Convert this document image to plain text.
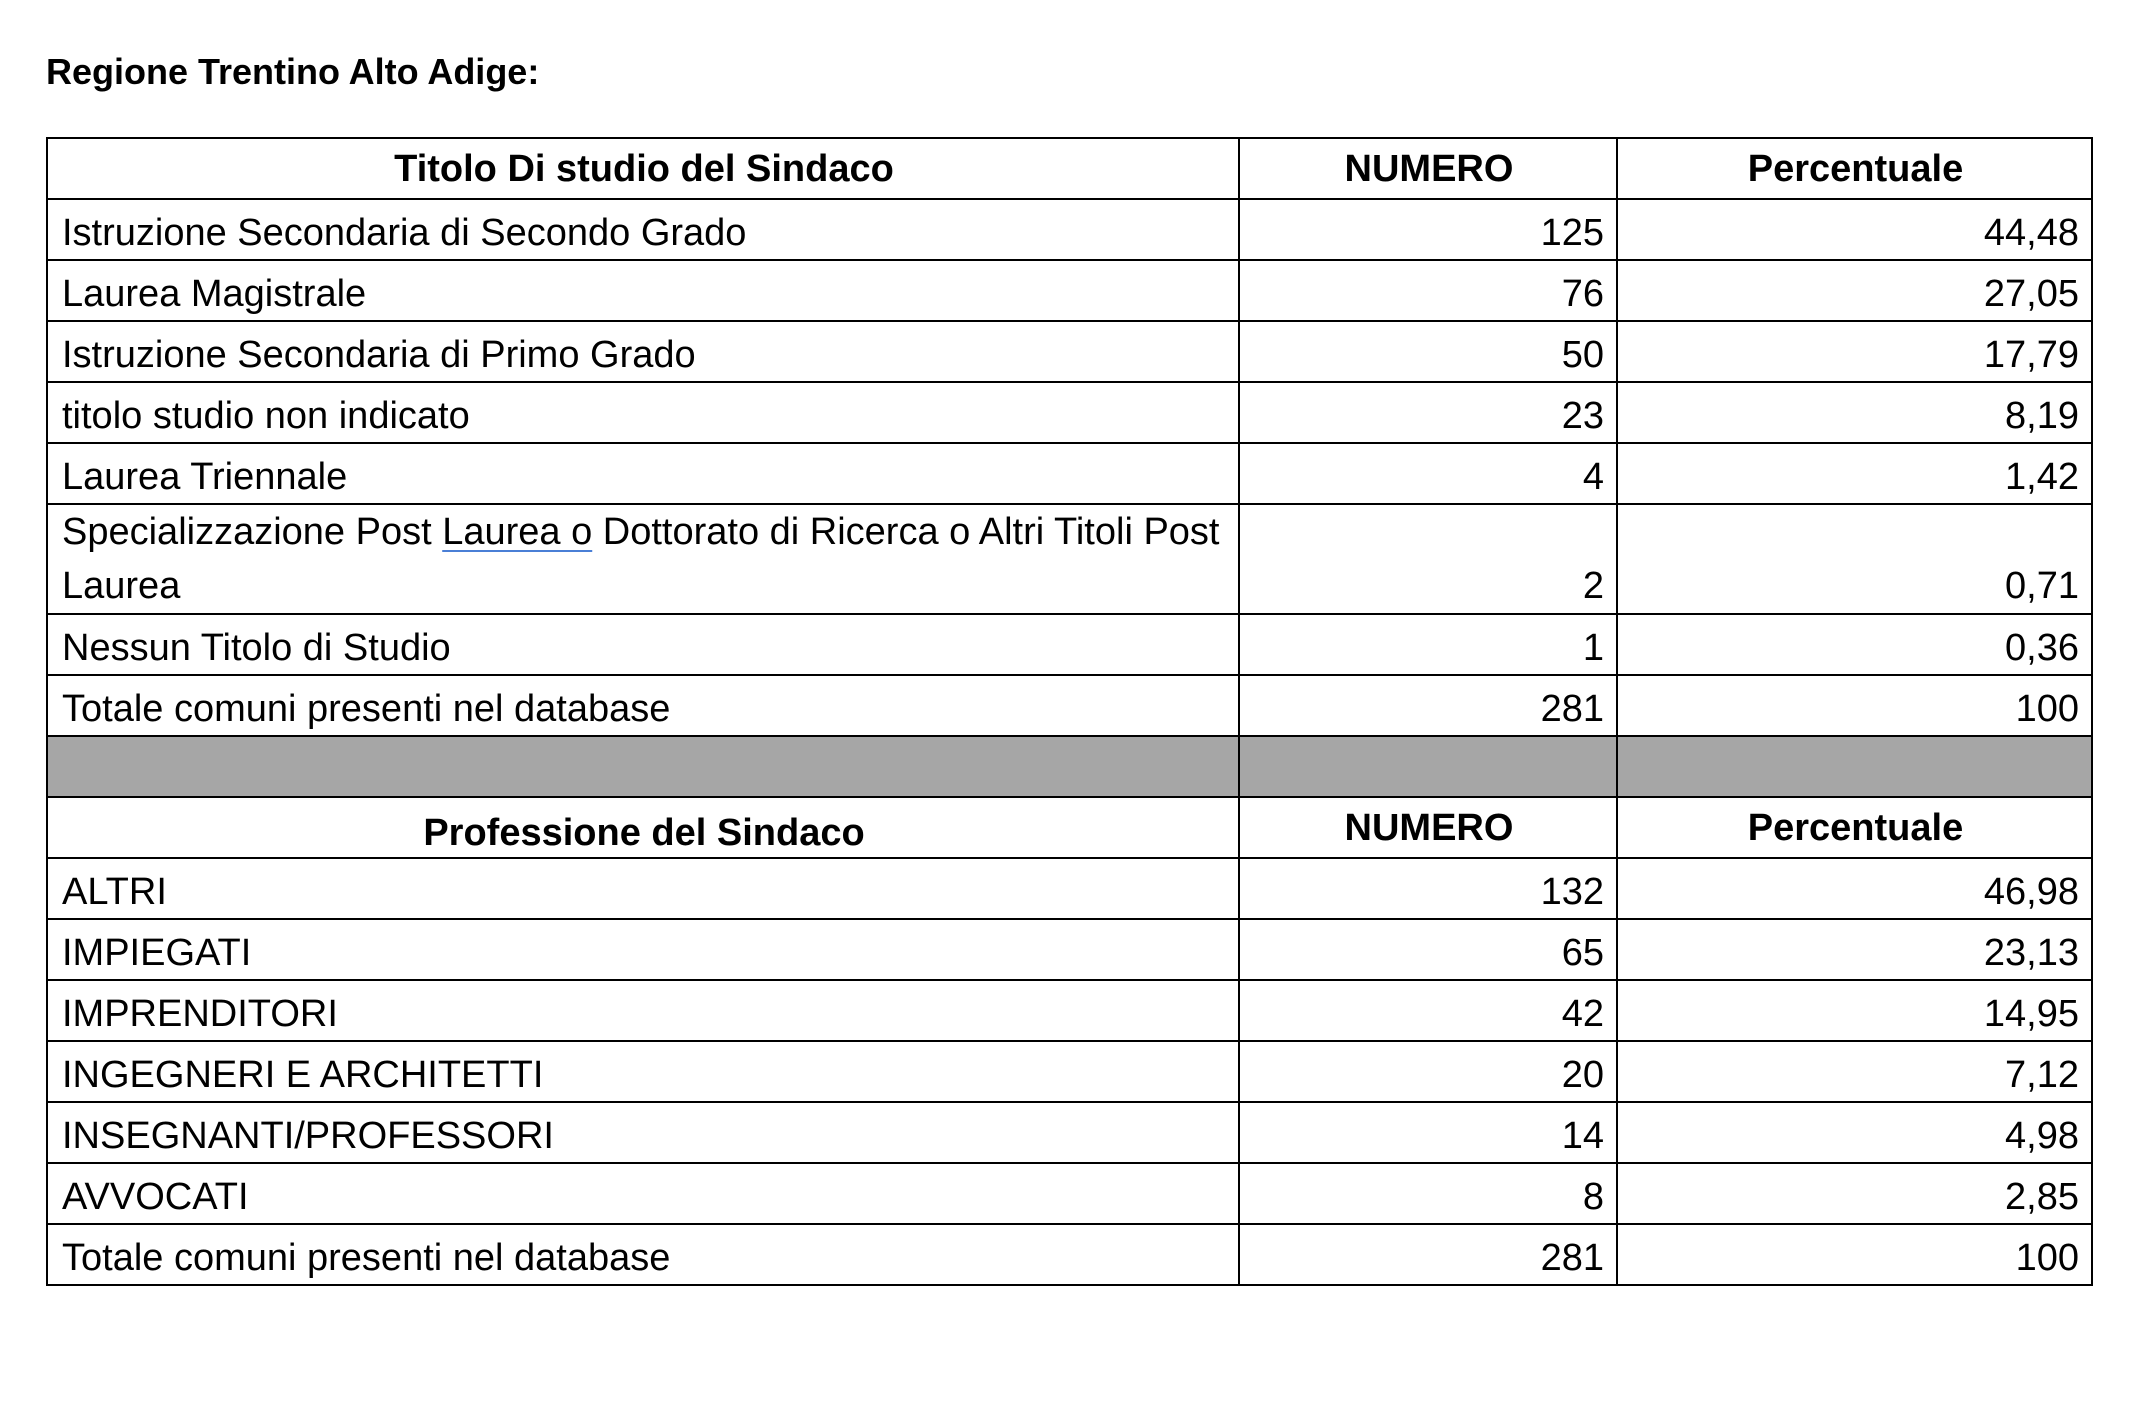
Regione Trentino Alto Adige:
Titolo Di studio del Sindaco	NUMERO	Percentuale
Istruzione Secondaria di Secondo Grado	125	44,48
Laurea Magistrale	76	27,05
Istruzione Secondaria di Primo Grado	50	17,79
titolo studio non indicato	23	8,19
Laurea Triennale	4	1,42
Specializzazione Post Laurea o Dottorato di Ricerca o Altri Titoli Post Laurea	2	0,71
Nessun Titolo di Studio	1	0,36
Totale comuni presenti nel database	281	100

Professione del Sindaco	NUMERO	Percentuale
ALTRI	132	46,98
IMPIEGATI	65	23,13
IMPRENDITORI	42	14,95
INGEGNERI E ARCHITETTI	20	7,12
INSEGNANTI/PROFESSORI	14	4,98
AVVOCATI	8	2,85
Totale comuni presenti nel database	281	100
